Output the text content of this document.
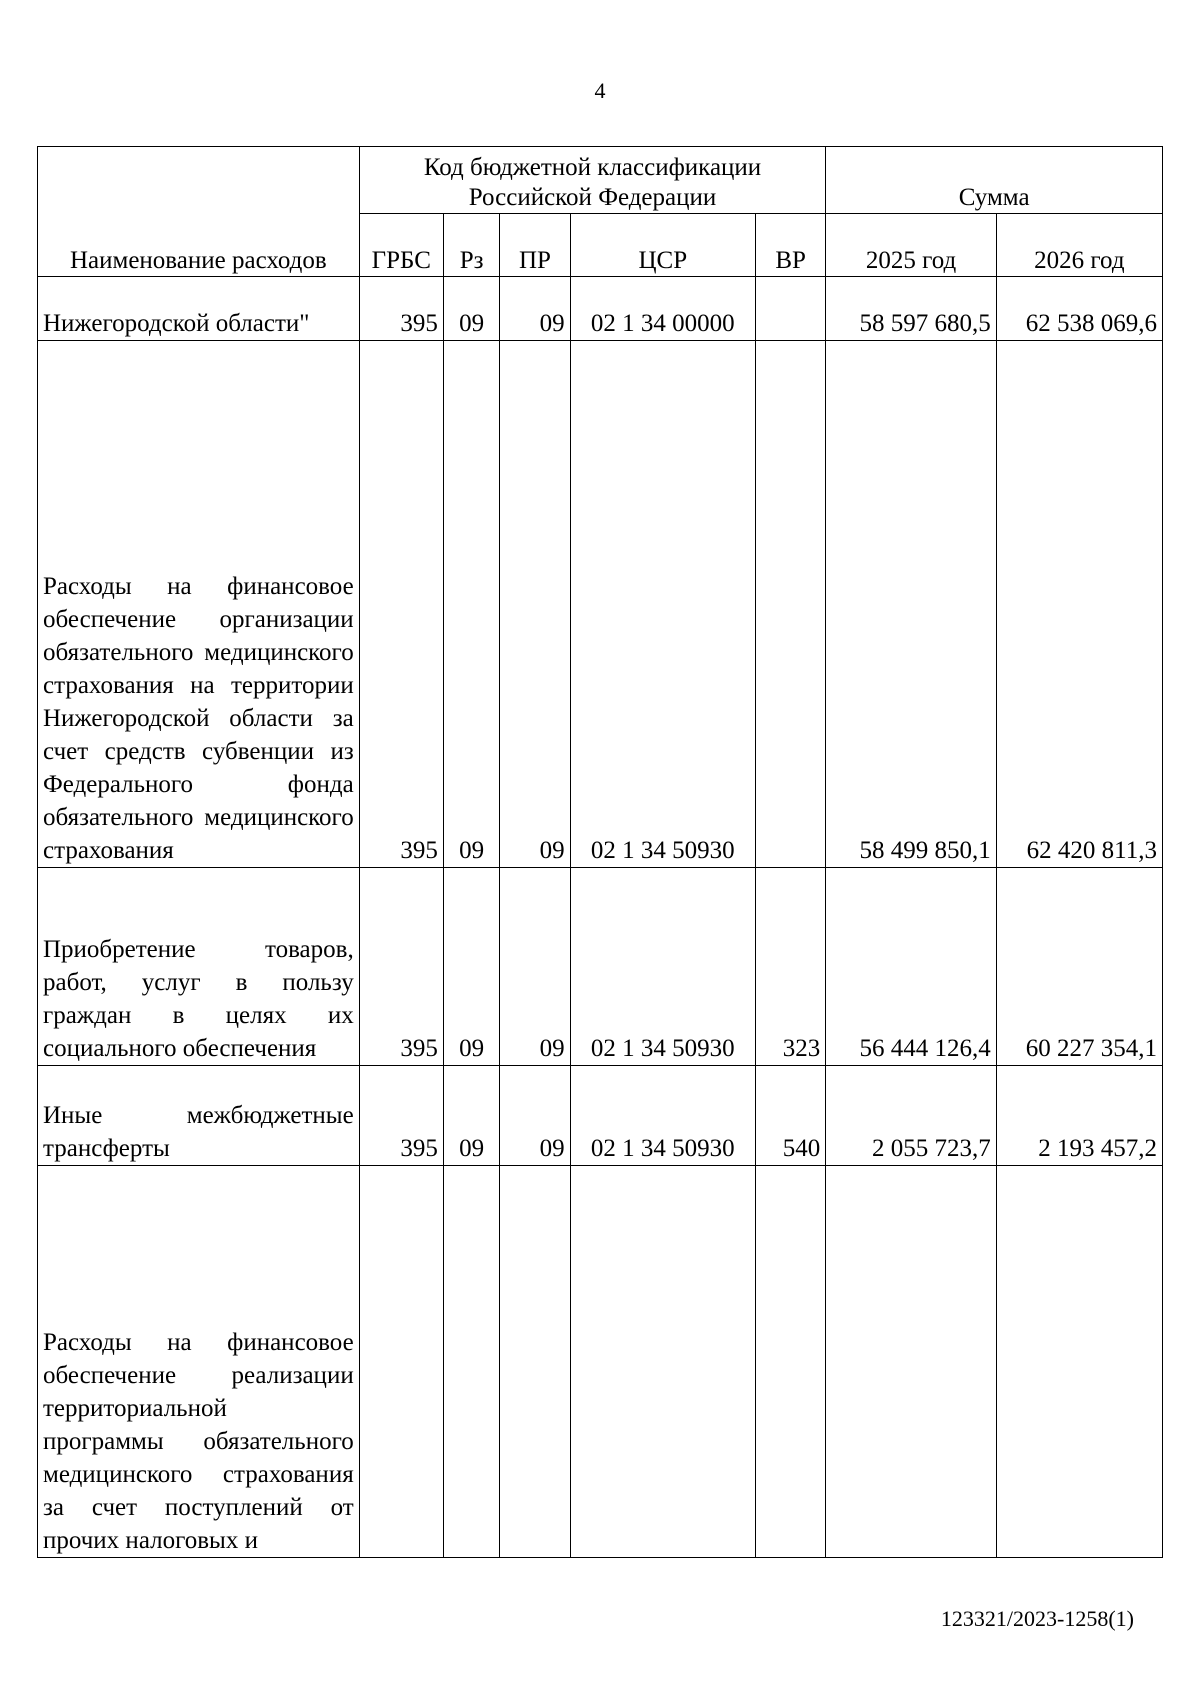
4
Наименование расходов	Код бюджетной классификации Российской Федерации					Сумма	
	ГРБС	Рз	ПР	ЦСР	ВР	2025 год	2026 год
Нижегородской области"	395	09	09	02 1 34 00000		58 597 680,5	62 538 069,6
Расходы на финансовое обеспечение организации обязательного медицинского страхования на территории Нижегородской области за счет средств субвенции из Федерального фонда обязательного медицинского страхования	395	09	09	02 1 34 50930		58 499 850,1	62 420 811,3
Приобретение товаров, работ, услуг в пользу граждан в целях их социального обеспечения	395	09	09	02 1 34 50930	323	56 444 126,4	60 227 354,1
Иные межбюджетные трансферты	395	09	09	02 1 34 50930	540	2 055 723,7	2 193 457,2
Расходы на финансовое обеспечение реализации территориальной программы обязательного медицинского страхования за счет поступлений от прочих налоговых и							
123321/2023-1258(1)
